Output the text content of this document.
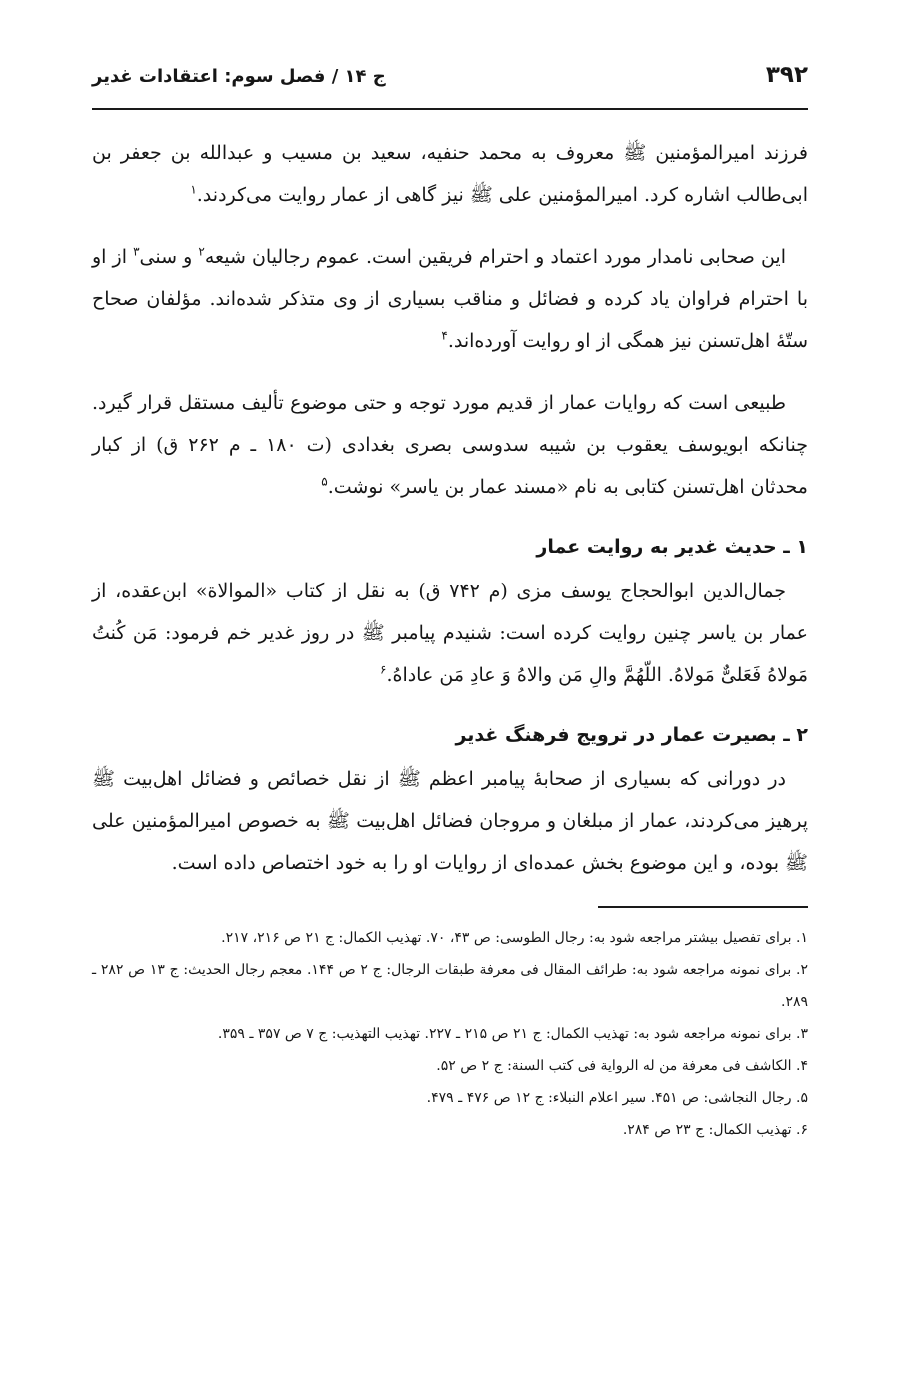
۳۹۲
ج ۱۴ / فصل سوم: اعتقادات غدیر

فرزند امیرالمؤمنین ﷺ معروف به محمد حنفیه، سعید بن مسیب و عبدالله بن جعفر بن ابی‌طالب اشاره کرد. امیرالمؤمنین علی ﷺ نیز گاهی از عمار روایت می‌کردند.$^۱$

این صحابی نامدار مورد اعتماد و احترام فریقین است. عموم رجالیان شیعه$^۲$ و سنی$^۳$ از او با احترام فراوان یاد کرده و فضائل و مناقب بسیاری از وی متذکر شده‌اند. مؤلفان صحاح ستّهٔ اهل‌تسنن نیز همگی از او روایت آورده‌اند.$^۴$

طبیعی است که روایات عمار از قدیم مورد توجه و حتی موضوع تألیف مستقل قرار گیرد. چنانکه ابویوسف یعقوب بن شیبه سدوسی بصری بغدادی (ت ۱۸۰ ـ م ۲۶۲ ق) از کبار محدثان اهل‌تسنن کتابی به نام «مسند عمار بن یاسر» نوشت.$^۵$

۱ ـ حدیث غدیر به روایت عمار

جمال‌الدین ابوالحجاج یوسف مزی (م ۷۴۲ ق) به نقل از کتاب «الموالاة» ابن‌عقده، از عمار بن یاسر چنین روایت کرده است: شنیدم پیامبر ﷺ در روز غدیر خم فرمود: مَن کُنتُ مَولاهُ فَعَلیٌّ مَولاهُ. اللّهُمَّ والِ مَن والاهُ وَ عادِ مَن عاداهُ.$^۶$

۲ ـ بصیرت عمار در ترویج فرهنگ غدیر

در دورانی که بسیاری از صحابهٔ پیامبر اعظم ﷺ از نقل خصائص و فضائل اهل‌بیت ﷺ پرهیز می‌کردند، عمار از مبلغان و مروجان فضائل اهل‌بیت ﷺ به خصوص امیرالمؤمنین علی ﷺ بوده، و این موضوع بخش عمده‌ای از روایات او را به خود اختصاص داده است.

۱. برای تفصیل بیشتر مراجعه شود به: رجال الطوسی: ص ۴۳، ۷۰. تهذیب الکمال: ج ۲۱ ص ۲۱۶، ۲۱۷.
۲. برای نمونه مراجعه شود به: طرائف المقال فی معرفة طبقات الرجال: ج ۲ ص ۱۴۴. معجم رجال الحدیث: ج ۱۳ ص ۲۸۲ ـ ۲۸۹.
۳. برای نمونه مراجعه شود به: تهذیب الکمال: ج ۲۱ ص ۲۱۵ ـ ۲۲۷. تهذیب التهذیب: ج ۷ ص ۳۵۷ ـ ۳۵۹.
۴. الکاشف فی معرفة من له الروایة فی کتب السنة: ج ۲ ص ۵۲.
۵. رجال النجاشی: ص ۴۵۱. سیر اعلام النبلاء: ج ۱۲ ص ۴۷۶ ـ ۴۷۹.
۶. تهذیب الکمال: ج ۲۳ ص ۲۸۴.
